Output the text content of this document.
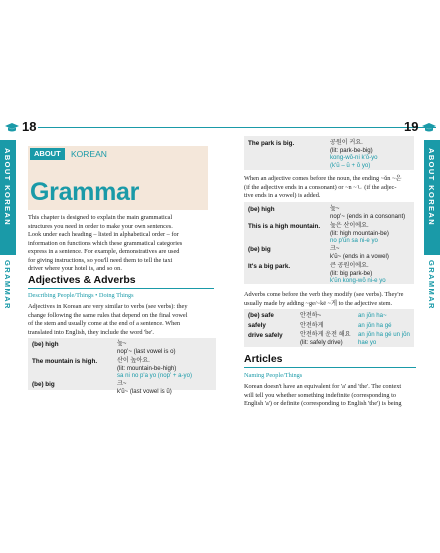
18
ABOUT	KOREAN
Grammar
This chapter is designed to explain the main grammatical
structures you need in order to make your own sentences.
Look under each heading – listed in alphabetical order – for
information on functions which these grammatical categories
express in a sentence. For example, demonstratives are used
for giving instructions, so you'll need them to tell the taxi
driver where your hotel is, and so on.
Adjectives & Adverbs
Describing People/Things • Doing Things
Adjectives in Korean are very similar to verbs (see verbs): they
change following the same rules that depend on the final vowel
of the stem and usually come at the end of a sentence. When
translated into English, they include the word 'be'.
(be) high	높~
nop'~ (last vowel is o)
The mountain is high.	산이 높아요.
(lit: mountain-be-high)
sa ni no p'a yo (nop' + a-yo)
(be) big	크~
k'ŭ~ (last vowel is ŭ)
ABOUT KOREAN
GRAMMAR
19
ABOUT KOREAN
GRAMMAR
The park is big.	공원이 커요.
(lit: park-be-big)
kong-wŏ-ni k'ŏ-yo
(k'ŭ – ŭ + ŏ yo)
When an adjective comes before the noun, the ending ~ŭn ~은
(if the adjective ends in a consonant) or ~n ~ㄴ (if the adjec-
tive ends in a vowel) is added.
(be) high	높~
nop'~ (ends in a consonant)
This is a high mountain. 높은 산이에요.
(lit: high mountain-be)
no p'ŭn sa ni-e yo
(be) big	크~
k'ŭ~ (ends in a vowel)
It's a big park.	큰 공원이에요.
(lit: big park-be)
k'ŭn kong-wŏ ni-e yo
Adverbs come before the verb they modify (see verbs). They're
usually made by adding ~ge/~kē ~게 to the adjective stem.
(be) safe	안전하~	an jŏn ha~
safely	안전하게	an jŏn ha gé
drive safely	안전하게 운전 해요
(lit: safely drive)
an jŏn ha gé un jŏn
hae yo
Articles
Naming People/Things
Korean doesn't have an equivalent for 'a' and 'the'. The context
will tell you whether something indefinite (corresponding to
English 'a') or definite (corresponding to English 'the') is being
